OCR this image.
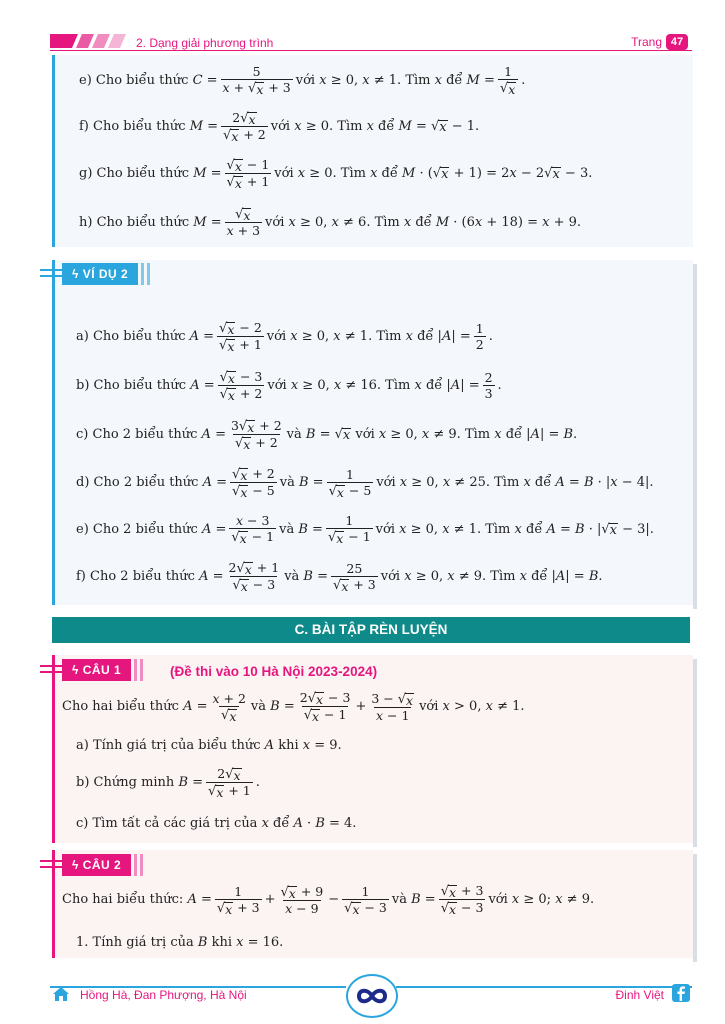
2. Dạng giải phương trình	Trang 47
e)
Cho biểu thức $C = \frac{5}{x + √ x + 3}$ với x ≥ 0, x ≠ 1. Tìm x để $M = \frac{1}{√ x}$ .
f)
Cho biểu thức $M = \frac{2 √ x}{√ x + 2}$ với x ≥ 0. Tìm x để M = √ x − 1.
g)
Cho biểu thức $M = \frac{√ x - 1}{√ x + 1}$ với x ≥ 0. Tìm x để M · ( √ x + 1) = 2x − 2 √ x − 3.
h)
Cho biểu thức $M = \frac{√ x}{x + 3}$ với x ≥ 0, x ≠ 6. Tìm x để M · (6x + 18) = x + 9.
ϟ VÍ DỤ 2
a)
Cho biểu thức $A = \frac{√ x - 2}{√ x + 1}$ với x ≥ 0, x ≠ 1. Tìm x để $|A| = \frac{1}{2}$ .
b)
Cho biểu thức $A = \frac{√ x - 3}{√ x + 2}$ với x ≥ 0, x ≠ 16. Tìm x để $|A| = \frac{2}{3}$ .
c)
Cho 2 biểu thức $A = \frac{3 √ x + 2}{√ x + 2}$ và B = √ x với x ≥ 0, x ≠ 9. Tìm x để |A| = B.
d)
Cho 2 biểu thức $A = \frac{√ x + 2}{√ x - 5}$ và $B = \frac{1}{√ x - 5}$ với x ≥ 0, x ≠ 25. Tìm x để A = B · |x − 4|.
e)
Cho 2 biểu thức $A = \frac{x - 3}{√ x - 1}$ và $B = \frac{1}{√ x - 1}$ với x ≥ 0, x ≠ 1. Tìm x để A = B · | √ x − 3|.
f)
Cho 2 biểu thức $A = \frac{2 √ x + 1}{√ x - 3}$ và $B = \frac{25}{√ x + 3}$ với x ≥ 0, x ≠ 9. Tìm x để |A| = B.
C. BÀI TẬP RÈN LUYỆN
ϟ CÂU 1	(Đề thi vào 10 Hà Nội 2023-2024)
Cho hai biểu thức $A = \frac{x + 2}{√ x}$ và $B = \frac{2 √ x - 3}{√ x - 1} + \frac{3 - √ x}{x - 1}$ với x > 0, x ≠ 1.
a)
Tính giá trị của biểu thức A khi x = 9.
b)
Chứng minh $B = \frac{2 √ x}{√ x + 1}$ .
c)
Tìm tất cả các giá trị của x để A · B = 4.
ϟ CÂU 2
Cho hai biểu thức: $A = \frac{1}{√ x + 3} + \frac{√ x + 9}{x - 9} - \frac{1}{√ x - 3}$ và $B = \frac{√ x + 3}{√ x - 3}$ với x ≥ 0; x ≠ 9.
1.
Tính giá trị của B khi x = 16.
Hồng Hà, Đan Phượng, Hà Nội	Đinh Việt
